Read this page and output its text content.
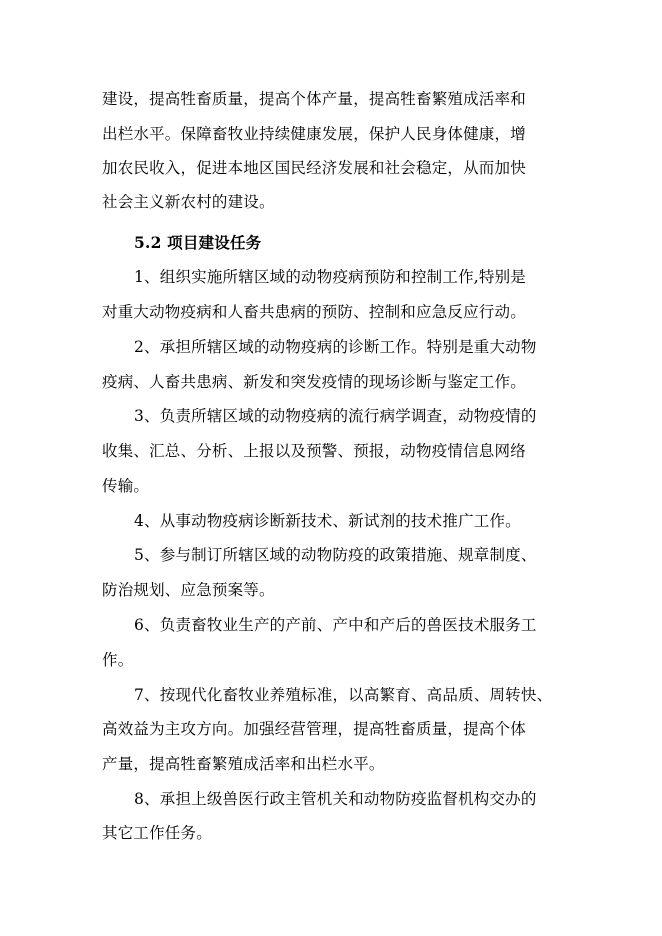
建设，提高牲畜质量，提高个体产量，提高牲畜繁殖成活率和
出栏水平。保障畜牧业持续健康发展，保护人民身体健康，增
加农民收入，促进本地区国民经济发展和社会稳定，从而加快
社会主义新农村的建设。
5.2 项目建设任务
1、组织实施所辖区域的动物疫病预防和控制工作,特别是
对重大动物疫病和人畜共患病的预防、控制和应急反应行动。
2、承担所辖区域的动物疫病的诊断工作。特别是重大动物
疫病、人畜共患病、新发和突发疫情的现场诊断与鉴定工作。
3、负责所辖区域的动物疫病的流行病学调查，动物疫情的
收集、汇总、分析、上报以及预警、预报，动物疫情信息网络
传输。
4、从事动物疫病诊断新技术、新试剂的技术推广工作。
5、参与制订所辖区域的动物防疫的政策措施、规章制度、
防治规划、应急预案等。
6、负责畜牧业生产的产前、产中和产后的兽医技术服务工
作。
7、按现代化畜牧业养殖标准，以高繁育、高品质、周转快、
高效益为主攻方向。加强经营管理，提高牲畜质量，提高个体
产量，提高牲畜繁殖成活率和出栏水平。
8、承担上级兽医行政主管机关和动物防疫监督机构交办的
其它工作任务。
